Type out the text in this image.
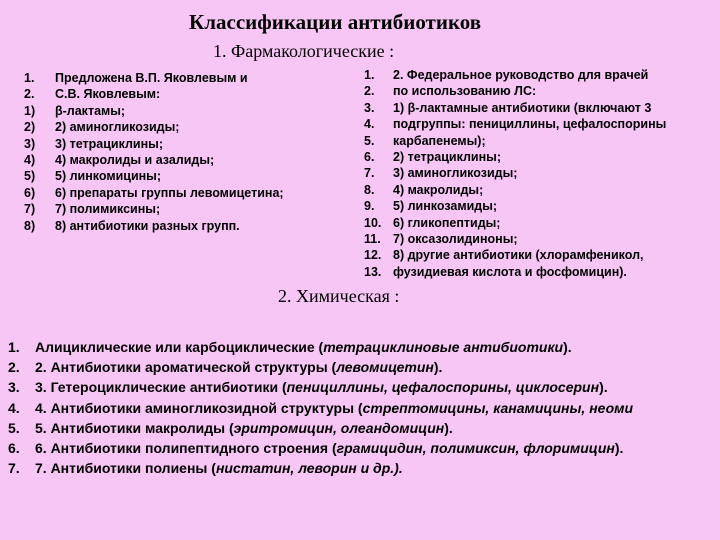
Классификации антибиотиков
1. Фармакологические :
1.	Предложена В.П. Яковлевым и
2.	С.В. Яковлевым:
1)	β-лактамы;
2)	2) аминогликозиды;
3)	3) тетрациклины;
4)	4) макролиды и азалиды;
5)	5) линкомицины;
6)	6) препараты группы левомицетина;
7)	7) полимиксины;
8)	8) антибиотики разных групп.
1.	2. Федеральное руководство для врачей
2.	по использованию ЛС:
3.	1) β-лактамные антибиотики (включают 3
4.	подгруппы: пенициллины, цефалоспорины
5.	карбапенемы);
6.	2) тетрациклины;
7.	3) аминогликозиды;
8.	4) макролиды;
9.	5) линкозамиды;
10. 6) гликопептиды;
11. 7) оксазолидиноны;
12. 8) другие антибиотики (хлорамфеникол,
13. фузидиевая кислота и фосфомицин).
2. Химическая :
1.	Алициклические или карбоциклические (тетрациклиновые антибиотики).
2.	2. Антибиотики ароматической структуры (левомицетин).
3.	3. Гетероциклические антибиотики (пенициллины, цефалоспорины, циклосерин).
4.	4. Антибиотики аминогликозидной структуры (стрептомицины, канамицины, неоми
5.	5. Антибиотики макролиды (эритромицин, олеандомицин).
6.	6. Антибиотики полипептидного строения (грамицидин, полимиксин, флоримицин).
7.	7. Антибиотики полиены (нистатин, леворин и др.).
